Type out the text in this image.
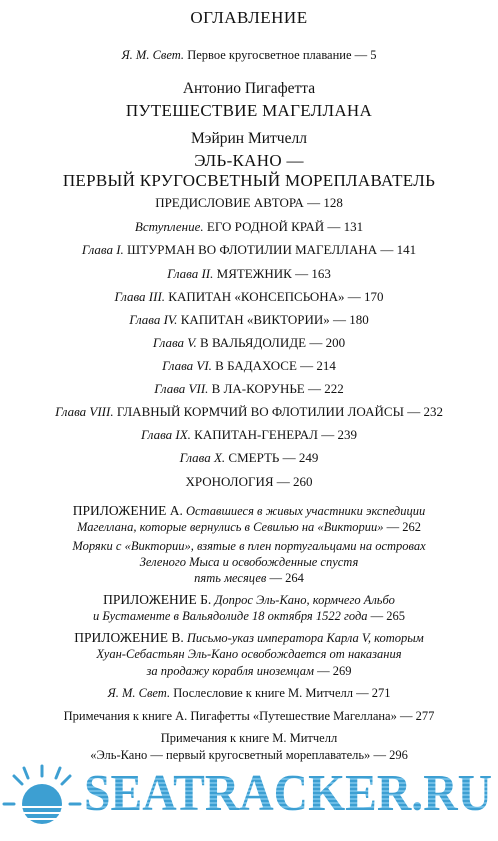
ОГЛАВЛЕНИЕ
Я. М. Свет. Первое кругосветное плавание — 5
Антонио Пигафетта
ПУТЕШЕСТВИЕ МАГЕЛЛАНА
Мэйрин Митчелл
ЭЛЬ-КАНО —
ПЕРВЫЙ КРУГОСВЕТНЫЙ МОРЕПЛАВАТЕЛЬ
ПРЕДИСЛОВИЕ АВТОРА — 128
Вступление. ЕГО РОДНОЙ КРАЙ — 131
Глава I. ШТУРМАН ВО ФЛОТИЛИИ МАГЕЛЛАНА — 141
Глава II. МЯТЕЖНИК — 163
Глава III. КАПИТАН «КОНСЕПСЬОНА» — 170
Глава IV. КАПИТАН «ВИКТОРИИ» — 180
Глава V. В ВАЛЬЯДОЛИДЕ — 200
Глава VI. В БАДАХОСЕ — 214
Глава VII. В ЛА-КОРУНЬЕ — 222
Глава VIII. ГЛАВНЫЙ КОРМЧИЙ ВО ФЛОТИЛИИ ЛОАЙСЫ — 232
Глава IX. КАПИТАН-ГЕНЕРАЛ — 239
Глава X. СМЕРТЬ — 249
ХРОНОЛОГИЯ — 260
ПРИЛОЖЕНИЕ А. Оставшиеся в живых участники экспедиции
Магеллана, которые вернулись в Севилью на «Виктории» — 262
Моряки с «Виктории», взятые в плен португальцами на островах
Зеленого Мыса и освобожденные спустя
пять месяцев — 264
ПРИЛОЖЕНИЕ Б. Допрос Эль-Кано, кормчего Альбо
и Бустаменте в Вальядолиде 18 октября 1522 года — 265
ПРИЛОЖЕНИЕ В. Письмо-указ императора Карла V, которым
Хуан-Себастьян Эль-Кано освобождается от наказания
за продажу корабля иноземцам — 269
Я. М. Свет. Послесловие к книге М. Митчелл — 271
Примечания к книге А. Пигафетты «Путешествие Магеллана» — 277
Примечания к книге М. Митчелл
«Эль-Кано — первый кругосветный мореплаватель» — 296
SEATRACKER.RU
